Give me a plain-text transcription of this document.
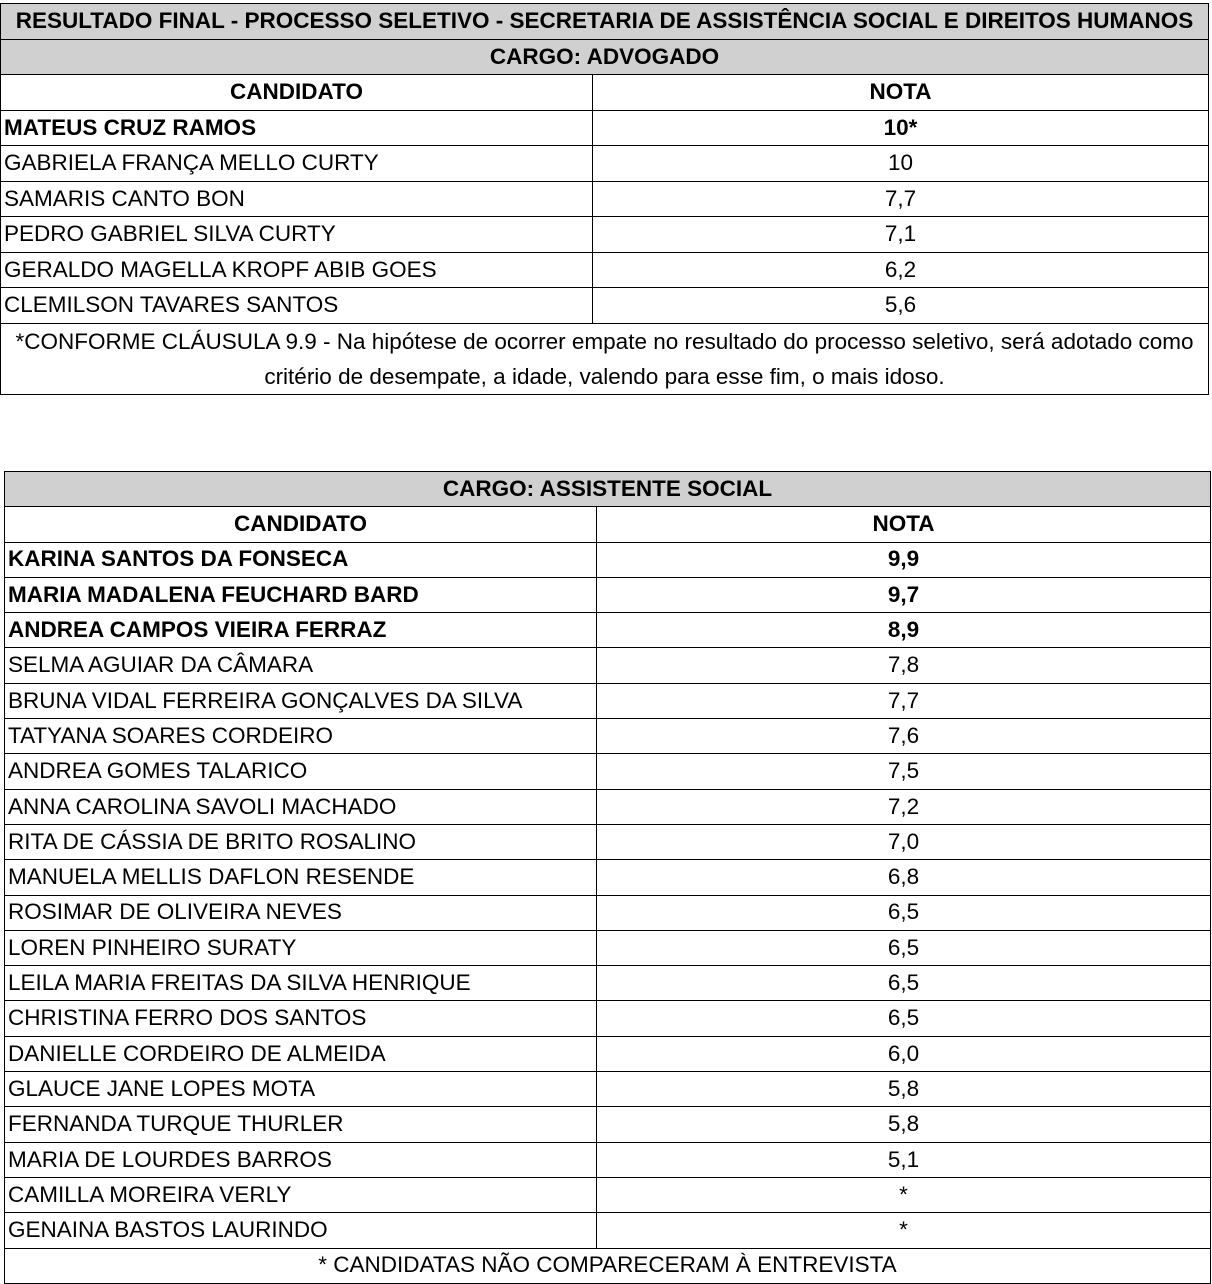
RESULTADO FINAL - PROCESSO SELETIVO - SECRETARIA DE ASSISTÊNCIA SOCIAL E DIREITOS HUMANOS	
CARGO: ADVOGADO	
CANDIDATO	NOTA
MATEUS CRUZ RAMOS	10*
GABRIELA FRANÇA MELLO CURTY	10
SAMARIS CANTO BON	7,7
PEDRO GABRIEL SILVA CURTY	7,1
GERALDO MAGELLA KROPF ABIB GOES	6,2
CLEMILSON TAVARES SANTOS	5,6
*CONFORME CLÁUSULA 9.9 - Na hipótese de ocorrer empate no resultado do processo seletivo, será adotado como critério de desempate, a idade, valendo para esse fim, o mais idoso.	
CARGO: ASSISTENTE SOCIAL	
CANDIDATO	NOTA
KARINA SANTOS DA FONSECA	9,9
MARIA MADALENA FEUCHARD BARD	9,7
ANDREA CAMPOS VIEIRA FERRAZ	8,9
SELMA AGUIAR DA CÂMARA	7,8
BRUNA VIDAL FERREIRA GONÇALVES DA SILVA	7,7
TATYANA SOARES CORDEIRO	7,6
ANDREA GOMES TALARICO	7,5
ANNA CAROLINA SAVOLI MACHADO	7,2
RITA DE CÁSSIA DE BRITO ROSALINO	7,0
MANUELA MELLIS DAFLON RESENDE	6,8
ROSIMAR DE OLIVEIRA NEVES	6,5
LOREN PINHEIRO SURATY	6,5
LEILA MARIA FREITAS DA SILVA HENRIQUE	6,5
CHRISTINA FERRO DOS SANTOS	6,5
DANIELLE CORDEIRO DE ALMEIDA	6,0
GLAUCE JANE LOPES MOTA	5,8
FERNANDA TURQUE THURLER	5,8
MARIA DE LOURDES BARROS	5,1
CAMILLA MOREIRA VERLY	*
GENAINA BASTOS LAURINDO	*
* CANDIDATAS NÃO COMPARECERAM À ENTREVISTA	
